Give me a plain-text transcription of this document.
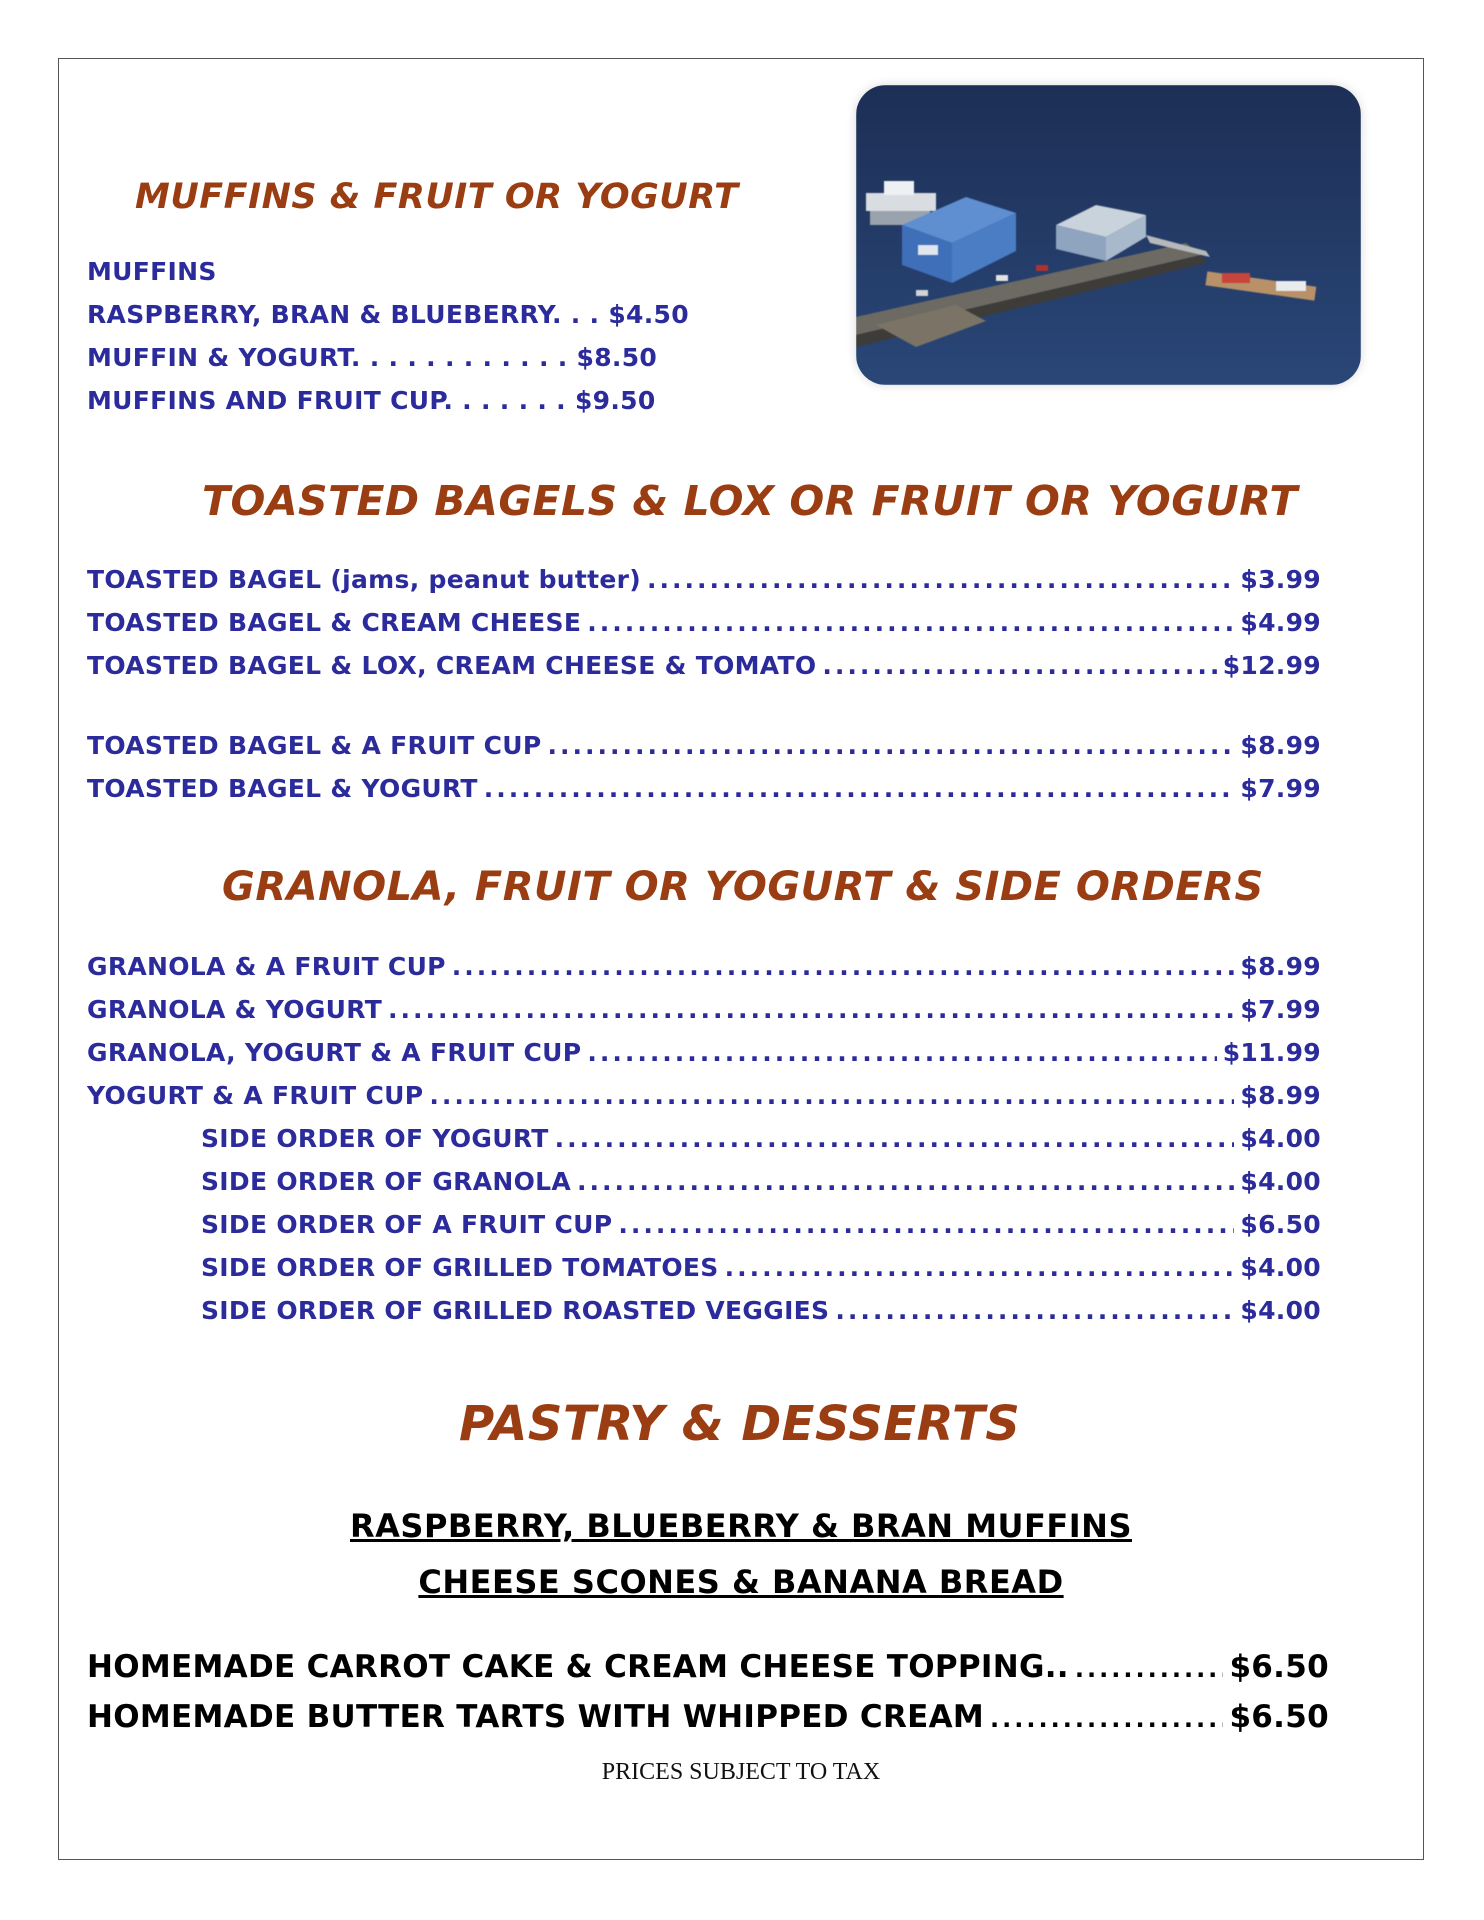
MUFFINS & FRUIT OR YOGURT
MUFFINS
RASPBERRY, BRAN & BLUEBERRY. . . $4.50
MUFFIN & YOGURT. . . . . . . . . . . . $8.50
MUFFINS AND FRUIT CUP. . . . . . . $9.50
TOASTED BAGELS & LOX OR FRUIT OR YOGURT
TOASTED BAGEL (jams, peanut butter) .....	$3.99
TOASTED BAGEL & CREAM CHEESE .....	$4.99
TOASTED BAGEL & LOX, CREAM CHEESE & TOMATO .....	$12.99
TOASTED BAGEL & A FRUIT CUP .....	$8.99
TOASTED BAGEL & YOGURT .....	$7.99
GRANOLA, FRUIT OR YOGURT & SIDE ORDERS
GRANOLA & A FRUIT CUP .....	$8.99
GRANOLA & YOGURT .....	$7.99
GRANOLA, YOGURT & A FRUIT CUP .....	$11.99
YOGURT & A FRUIT CUP .....	$8.99
SIDE ORDER OF YOGURT .....	$4.00
SIDE ORDER OF GRANOLA .....	$4.00
SIDE ORDER OF A FRUIT CUP .....	$6.50
SIDE ORDER OF GRILLED TOMATOES .....	$4.00
SIDE ORDER OF GRILLED ROASTED VEGGIES .....	$4.00
PASTRY & DESSERTS
RASPBERRY, BLUEBERRY & BRAN MUFFINS
CHEESE SCONES & BANANA BREAD
HOMEMADE CARROT CAKE & CREAM CHEESE TOPPING.. .....	$6.50
HOMEMADE BUTTER TARTS WITH WHIPPED CREAM .....	$6.50
PRICES SUBJECT TO TAX
